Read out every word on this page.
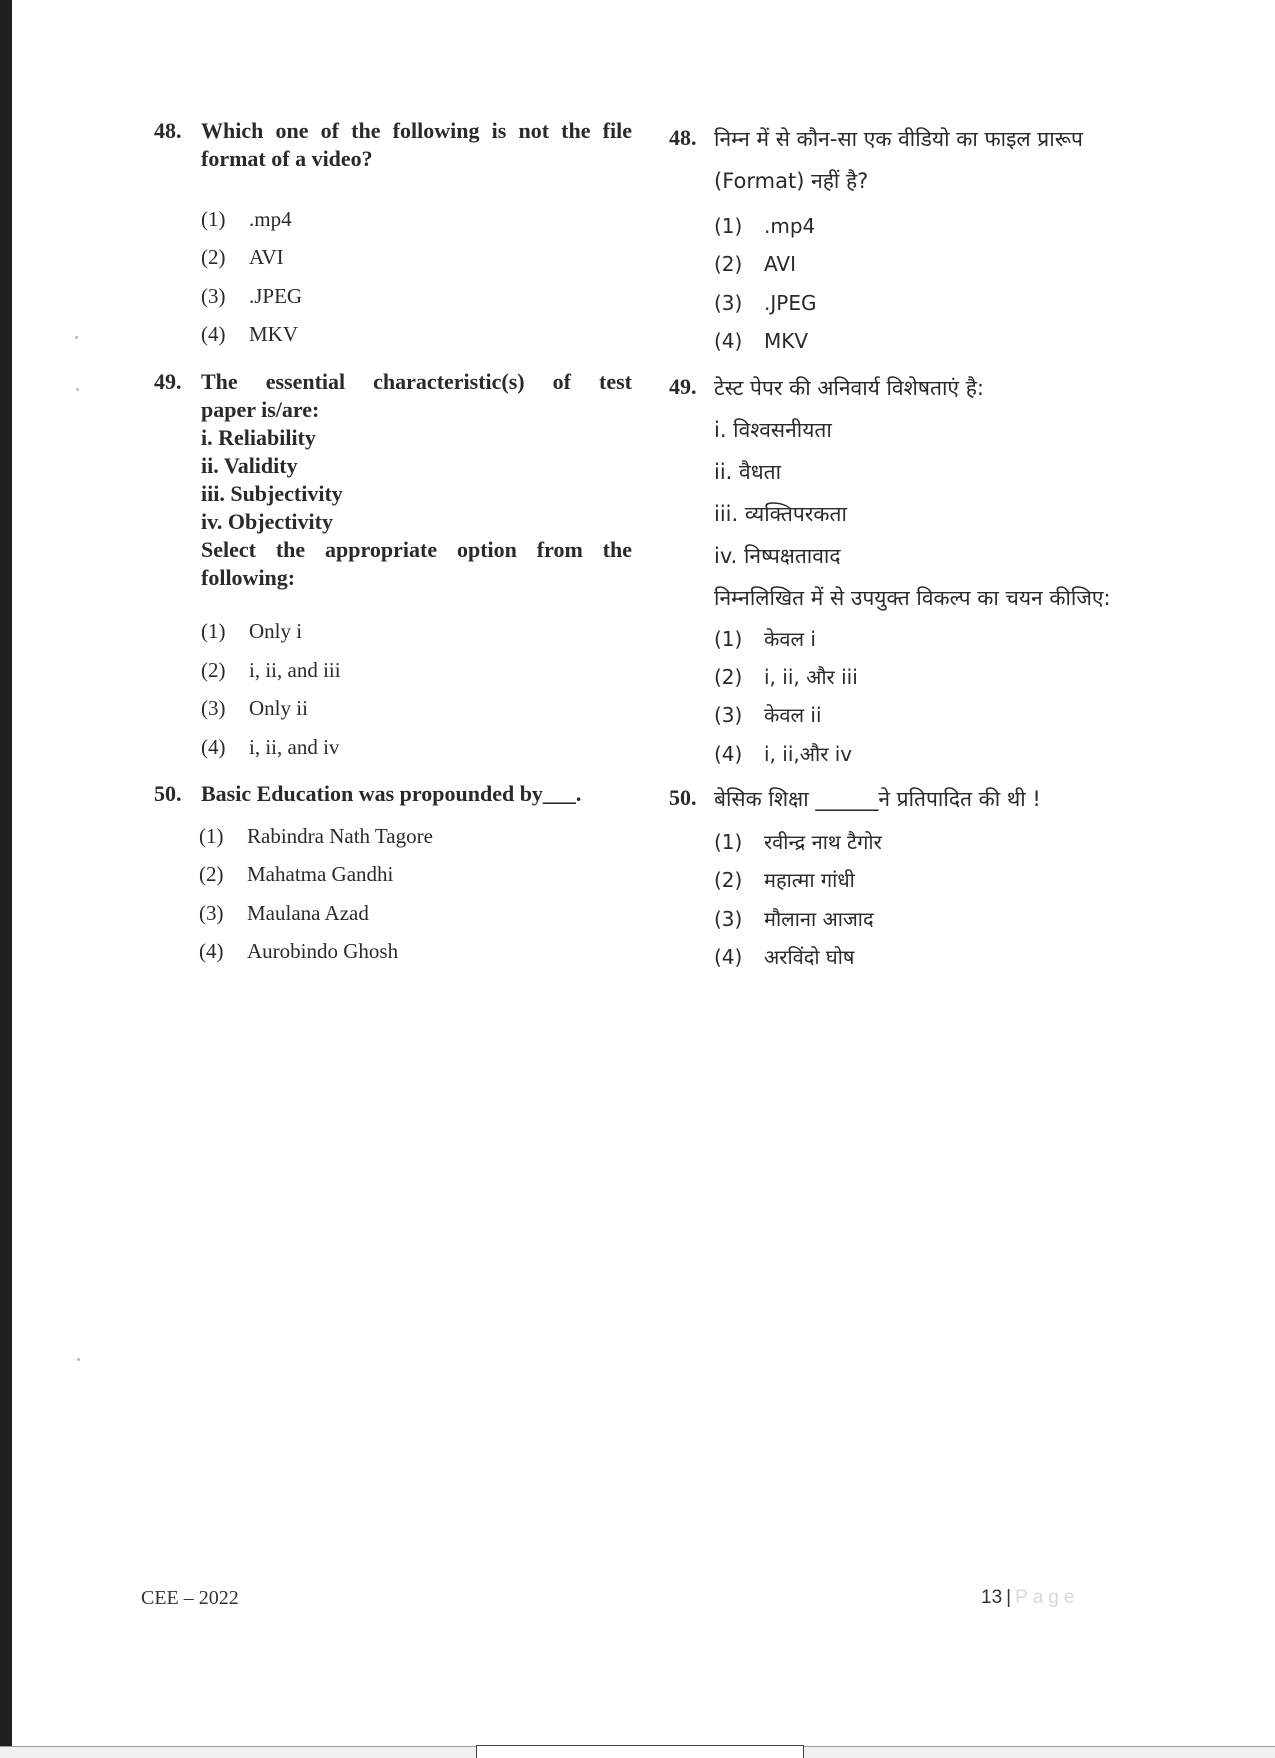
48. Which one of the following is not the file
format of a video?
(1) .mp4
(2) AVI
(3) .JPEG
(4) MKV
49. The essential characteristic(s) of test
paper is/are:
i. Reliability
ii. Validity
iii. Subjectivity
iv. Objectivity
Select the appropriate option from the
following:
(1) Only i
(2) i, ii, and iii
(3) Only ii
(4) i, ii, and iv
50. Basic Education was propounded by___.
(1) Rabindra Nath Tagore
(2) Mahatma Gandhi
(3) Maulana Azad
(4) Aurobindo Ghosh
48. निम्न में से कौन-सा एक वीडियो का फाइल प्रारूप
(Format) नहीं है?
(1) .mp4
(2) AVI
(3) .JPEG
(4) MKV
49. टेस्ट पेपर की अनिवार्य विशेषताएं है:
i. विश्वसनीयता
ii. वैधता
iii. व्यक्तिपरकता
iv. निष्पक्षतावाद
निम्नलिखित में से उपयुक्त विकल्प का चयन कीजिए:
(1) केवल i
(2) i, ii, और iii
(3) केवल ii
(4) i, ii,और iv
50. बेसिक शिक्षा ______ने प्रतिपादित की थी !
(1) रवीन्द्र नाथ टैगोर
(2) महात्मा गांधी
(3) मौलाना आजाद
(4) अरविंदो घोष
CEE – 2022	13 | Page
